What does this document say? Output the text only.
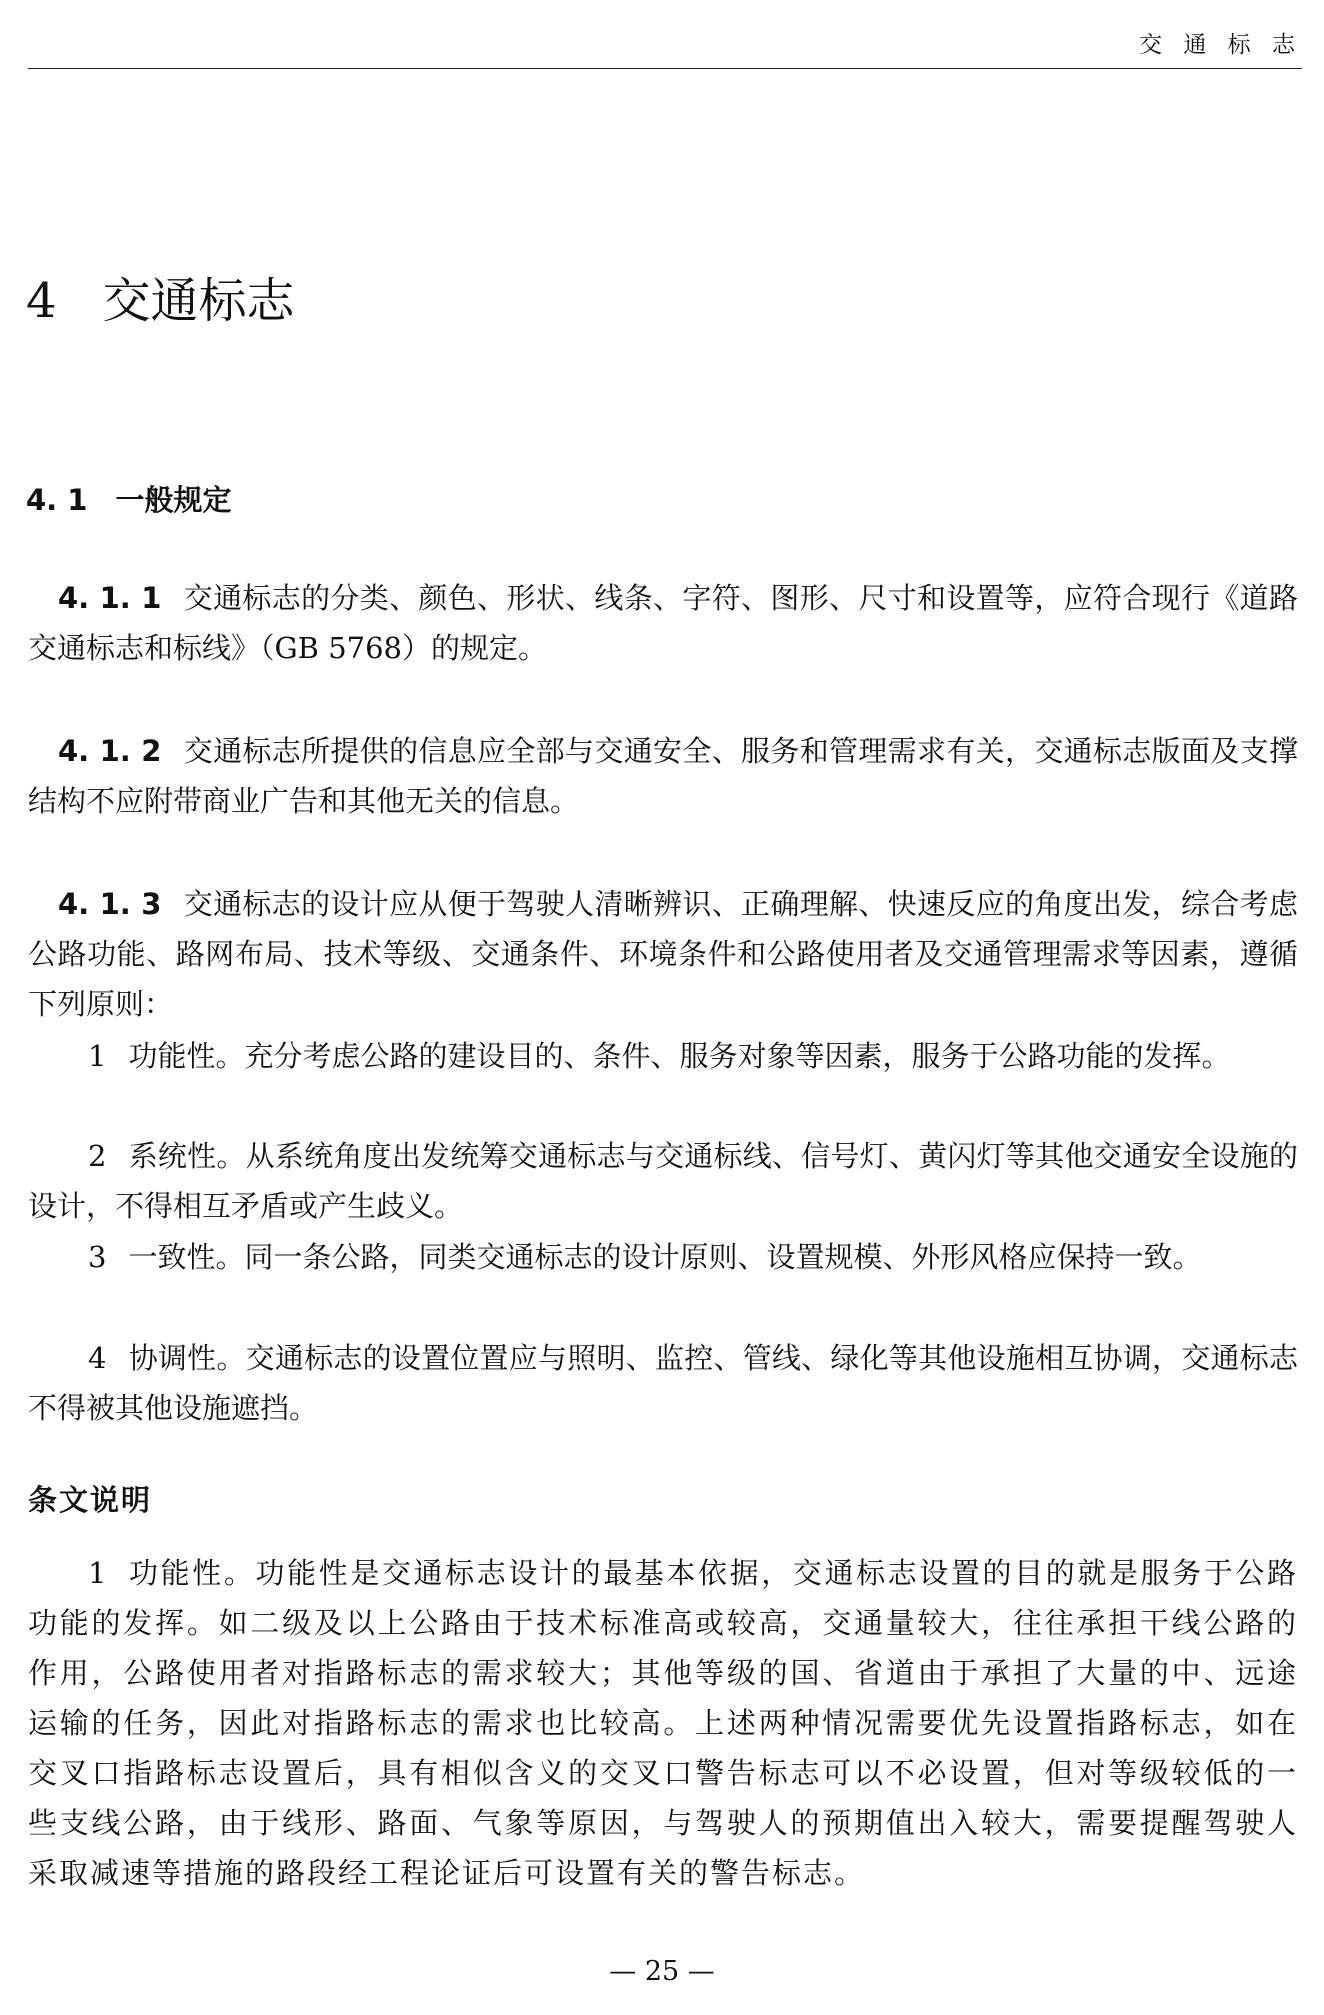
交 通 标 志
4 交通标志
4. 1 一般规定

4. 1. 1 交通标志的分类、颜色、形状、线条、字符、图形、尺寸和设置等，应符合现行《道路交通标志和标线》（GB 5768）的规定。

4. 1. 2 交通标志所提供的信息应全部与交通安全、服务和管理需求有关，交通标志版面及支撑结构不应附带商业广告和其他无关的信息。

4. 1. 3 交通标志的设计应从便于驾驶人清晰辨识、正确理解、快速反应的角度出发，综合考虑公路功能、路网布局、技术等级、交通条件、环境条件和公路使用者及交通管理需求等因素，遵循下列原则：

1 功能性。充分考虑公路的建设目的、条件、服务对象等因素，服务于公路功能的发挥。

2 系统性。从系统角度出发统筹交通标志与交通标线、信号灯、黄闪灯等其他交通安全设施的设计，不得相互矛盾或产生歧义。

3 一致性。同一条公路，同类交通标志的设计原则、设置规模、外形风格应保持一致。

4 协调性。交通标志的设置位置应与照明、监控、管线、绿化等其他设施相互协调，交通标志不得被其他设施遮挡。

条文说明

1 功能性。功能性是交通标志设计的最基本依据，交通标志设置的目的就是服务于公路功能的发挥。如二级及以上公路由于技术标准高或较高，交通量较大，往往承担干线公路的作用，公路使用者对指路标志的需求较大；其他等级的国、省道由于承担了大量的中、远途运输的任务，因此对指路标志的需求也比较高。上述两种情况需要优先设置指路标志，如在交叉口指路标志设置后，具有相似含义的交叉口警告标志可以不必设置，但对等级较低的一些支线公路，由于线形、路面、气象等原因，与驾驶人的预期值出入较大，需要提醒驾驶人采取减速等措施的路段经工程论证后可设置有关的警告标志。

— 25 —
